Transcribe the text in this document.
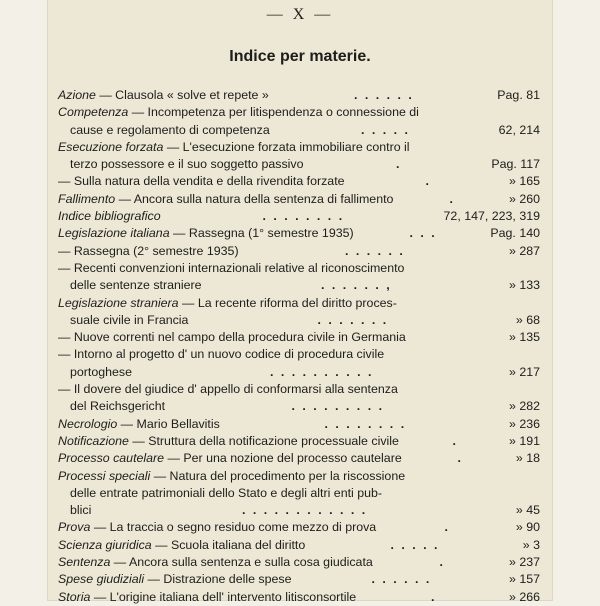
— X —
Indice per materie.
Azione — Clausola « solve et repete »	Pag. 81
. . . . . .
Competenza — Incompetenza per litispendenza o connessione di
cause e regolamento di competenza	62, 214
. . . . .
Esecuzione forzata — L'esecuzione forzata immobiliare contro il
terzo possessore e il suo soggetto passivo	Pag. 117
.
— Sulla natura della vendita e della rivendita forzate	» 165
.
Fallimento — Ancora sulla natura della sentenza di fallimento	» 260
.
Indice bibliografico	72, 147, 223, 319
. . . . . . . .
Legislazione italiana — Rassegna (1° semestre 1935)	Pag. 140
. . .
— Rassegna (2° semestre 1935)	» 287
. . . . . .
— Recenti convenzioni internazionali relative al riconoscimento
delle sentenze straniere	» 133
. . . . . . ,
Legislazione straniera — La recente riforma del diritto proces-
suale civile in Francia	» 68
. . . . . . .
— Nuove correnti nel campo della procedura civile in Germania	» 135
— Intorno al progetto d' un nuovo codice di procedura civile
portoghese	» 217
. . . . . . . . . .
— Il dovere del giudice d' appello di conformarsi alla sentenza
del Reichsgericht	» 282
. . . . . . . . .
Necrologio — Mario Bellavitis	» 236
. . . . . . . .
Notificazione — Struttura della notificazione processuale civile	» 191
.
Processo cautelare — Per una nozione del processo cautelare	» 18
.
Processi speciali — Natura del procedimento per la riscossione
delle entrate patrimoniali dello Stato e degli altri enti pub-
blici	» 45
. . . . . . . . . . . .
Prova — La traccia o segno residuo come mezzo di prova	» 90
.
Scienza giuridica — Scuola italiana del diritto	» 3
. . . . .
Sentenza — Ancora sulla sentenza e sulla cosa giudicata	» 237
.
Spese giudiziali — Distrazione delle spese	» 157
. . . . . .
Storia — L'origine italiana dell' intervento litisconsortile	» 266
.
